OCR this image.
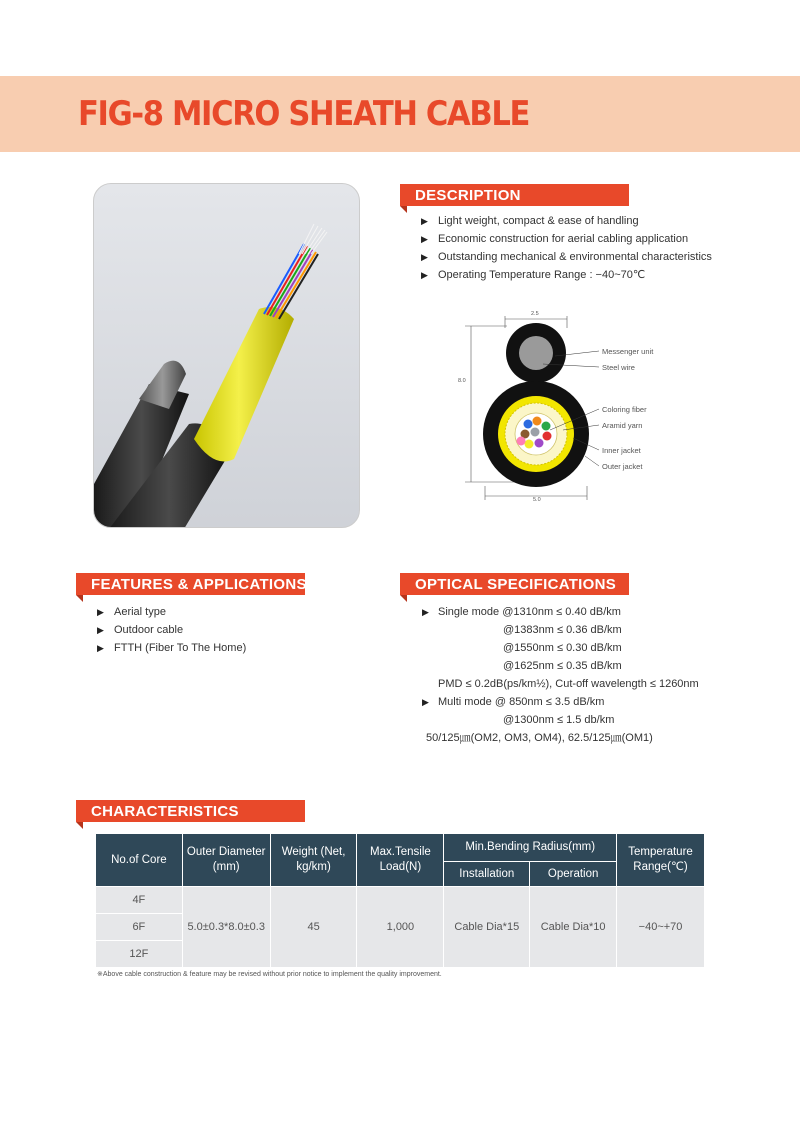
FIG-8 MICRO SHEATH CABLE
DESCRIPTION
▶ Light weight, compact & ease of handling
▶ Economic construction for aerial cabling application
▶ Outstanding mechanical & environmental characteristics
▶ Operating Temperature Range : −40~70℃
2.5
8.0
5.0
Messenger unit
Steel wire
Coloring fiber
Aramid yarn
Inner jacket
Outer jacket
FEATURES & APPLICATIONS
▶ Aerial type
▶ Outdoor cable
▶ FTTH (Fiber To The Home)
OPTICAL SPECIFICATIONS
▶ Single mode @1310nm ≤ 0.40 dB/km
@1383nm ≤ 0.36 dB/km
@1550nm ≤ 0.30 dB/km
@1625nm ≤ 0.35 dB/km
PMD ≤ 0.2dB(ps/km½), Cut-off wavelength ≤ 1260nm
▶ Multi mode @ 850nm ≤ 3.5 dB/km
@1300nm ≤ 1.5 db/km
50/125㎛(OM2, OM3, OM4), 62.5/125㎛(OM1)
CHARACTERISTICS
No.of Core	Outer Diameter (mm)	Weight (Net, kg/km)	Max.Tensile Load(N)	Min.Bending Radius(mm)		Temperature Range(℃)
				Installation	Operation	
4F	5.0±0.3*8.0±0.3	45	1,000	Cable Dia*15	Cable Dia*10	−40~+70
6F						
12F						
※Above cable construction & feature may be revised without prior notice to implement the quality improvement.
